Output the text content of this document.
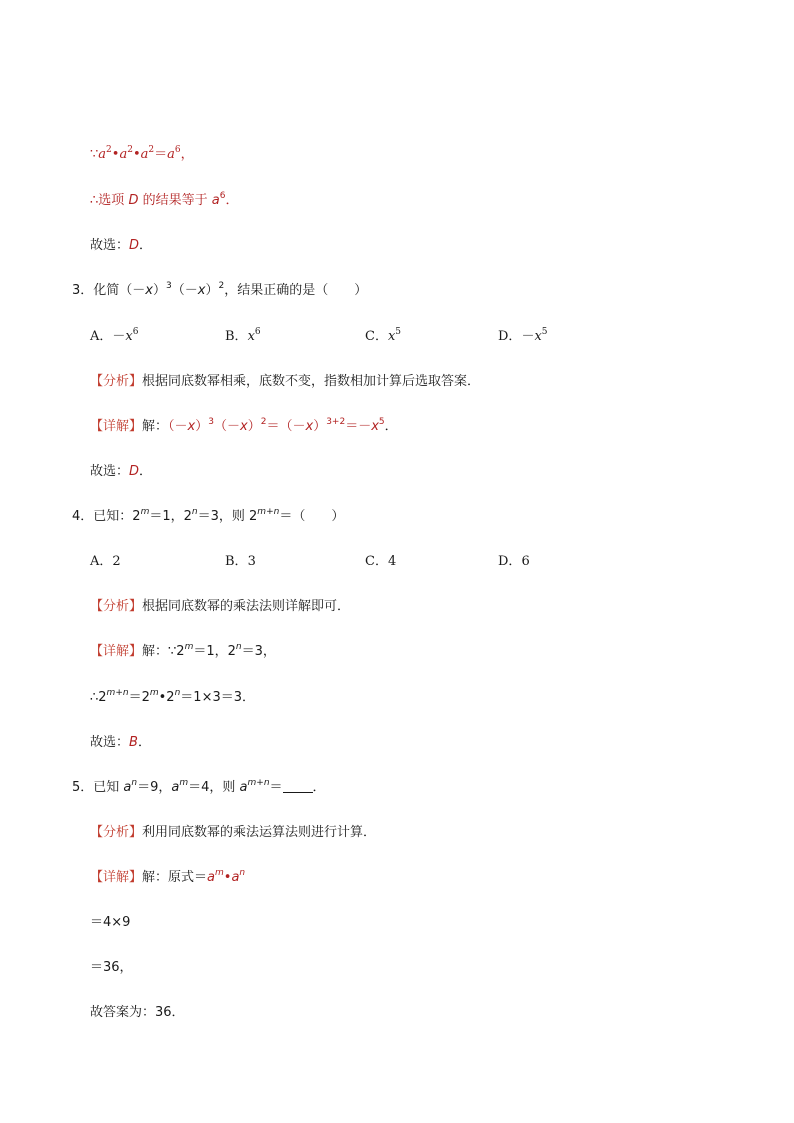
$\because a^2•a^2•a^2=a^6$，
∴选项 D 的结果等于 $a^6$．
故选：D．
3．化简$(-x)^3(-x)^2$，结果正确的是（　　）
A．$-x^6$	B．$x^6$	C．$x^5$	D．$-x^5$
【分析】根据同底数幂相乘，底数不变，指数相加计算后选取答案．
【详解】解：$(-x)^3(-x)^2=(-x)^{3+2}=-x^5$．
故选：D．
4．已知：$2^m=1$，$2^n=3$，则 $2^{m+n}=$（　　）
A．2	B．3	C．4	D．6
【分析】根据同底数幂的乘法法则详解即可．
【详解】解：$\because 2^m=1$，$2^n=3$，
$\therefore 2^{m+n}=2^m•2^n=1\times 3=3$．
故选：B．
5．已知 $a^n=9$，$a^m=4$，则 $a^{m+n}=$ ．
【分析】利用同底数幂的乘法运算法则进行计算．
【详解】解：原式$=a^m•a^n$
＝4×9
＝36，
故答案为：36．
